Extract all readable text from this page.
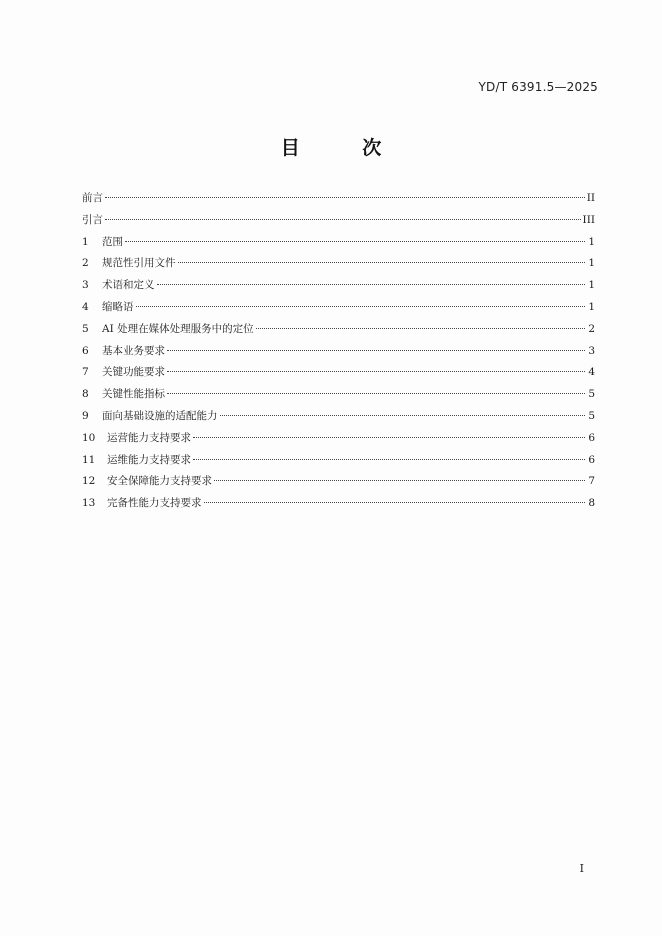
YD/T 6391.5—2025
目 次
前言	II
引言	III
1	范围	1
2	规范性引用文件	1
3	术语和定义	1
4	缩略语	1
5	AI 处理在媒体处理服务中的定位	2
6	基本业务要求	3
7	关键功能要求	4
8	关键性能指标	5
9	面向基础设施的适配能力	5
10 运营能力支持要求	6
11 运维能力支持要求	6
12 安全保障能力支持要求	7
13 完备性能力支持要求	8
I
